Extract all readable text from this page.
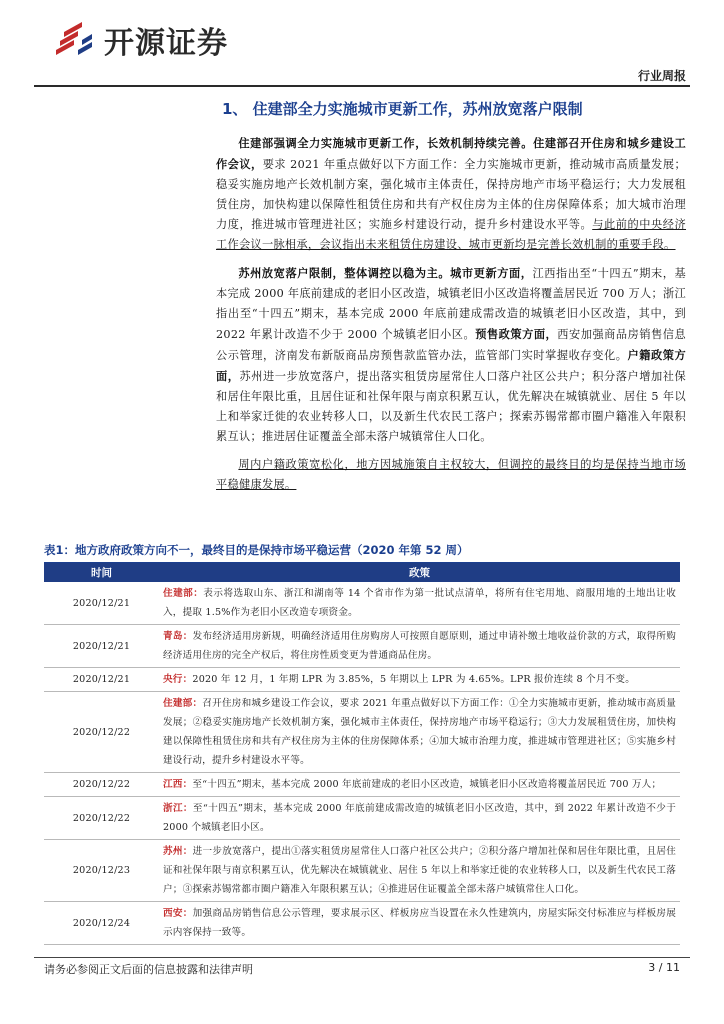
开源证券
行业周报
1、 住建部全力实施城市更新工作，苏州放宽落户限制

住建部强调全力实施城市更新工作，长效机制持续完善。住建部召开住房和城乡建设工作会议，要求 2021 年重点做好以下方面工作：全力实施城市更新，推动城市高质量发展；稳妥实施房地产长效机制方案，强化城市主体责任，保持房地产市场平稳运行；大力发展租赁住房，加快构建以保障性租赁住房和共有产权住房为主体的住房保障体系；加大城市治理力度，推进城市管理进社区；实施乡村建设行动，提升乡村建设水平等。与此前的中央经济工作会议一脉相承，会议指出未来租赁住房建设、城市更新均是完善长效机制的重要手段。

苏州放宽落户限制，整体调控以稳为主。城市更新方面，江西指出至“十四五”期末，基本完成 2000 年底前建成的老旧小区改造，城镇老旧小区改造将覆盖居民近 700 万人；浙江指出至“十四五”期末，基本完成 2000 年底前建成需改造的城镇老旧小区改造，其中，到 2022 年累计改造不少于 2000 个城镇老旧小区。预售政策方面，西安加强商品房销售信息公示管理，济南发布新版商品房预售款监管办法，监管部门实时掌握收存变化。户籍政策方面，苏州进一步放宽落户，提出落实租赁房屋常住人口落户社区公共户；积分落户增加社保和居住年限比重，且居住证和社保年限与南京积累互认，优先解决在城镇就业、居住 5 年以上和举家迁徙的农业转移人口，以及新生代农民工落户；探索苏锡常都市圈户籍准入年限积累互认；推进居住证覆盖全部未落户城镇常住人口化。

周内户籍政策宽松化，地方因城施策自主权较大，但调控的最终目的均是保持当地市场平稳健康发展。

表1：地方政府政策方向不一，最终目的是保持市场平稳运营（2020 年第 52 周）
时间	政策
2020/12/21	住建部：表示将选取山东、浙江和湖南等 14 个省市作为第一批试点清单，将所有住宅用地、商服用地的土地出让收入，提取 1.5%作为老旧小区改造专项资金。
2020/12/21	青岛：发布经济适用房新规，明确经济适用住房购房人可按照自愿原则，通过申请补缴土地收益价款的方式，取得所购经济适用住房的完全产权后，将住房性质变更为普通商品住房。
2020/12/21	央行：2020 年 12 月，1 年期 LPR 为 3.85%，5 年期以上 LPR 为 4.65%。LPR 报价连续 8 个月不变。
2020/12/22	住建部：召开住房和城乡建设工作会议，要求 2021 年重点做好以下方面工作：①全力实施城市更新，推动城市高质量发展；②稳妥实施房地产长效机制方案，强化城市主体责任，保持房地产市场平稳运行；③大力发展租赁住房，加快构建以保障性租赁住房和共有产权住房为主体的住房保障体系；④加大城市治理力度，推进城市管理进社区；⑤实施乡村建设行动，提升乡村建设水平等。
2020/12/22	江西：至“十四五”期末，基本完成 2000 年底前建成的老旧小区改造，城镇老旧小区改造将覆盖居民近 700 万人；
2020/12/22	浙江：至“十四五”期末，基本完成 2000 年底前建成需改造的城镇老旧小区改造，其中，到 2022 年累计改造不少于 2000 个城镇老旧小区。
2020/12/23	苏州：进一步放宽落户，提出①落实租赁房屋常住人口落户社区公共户；②积分落户增加社保和居住年限比重，且居住证和社保年限与南京积累互认，优先解决在城镇就业、居住 5 年以上和举家迁徙的农业转移人口，以及新生代农民工落户；③探索苏锡常都市圈户籍准入年限积累互认；④推进居住证覆盖全部未落户城镇常住人口化。
2020/12/24	西安：加强商品房销售信息公示管理，要求展示区、样板房应当设置在永久性建筑内，房屋实际交付标准应与样板房展示内容保持一致等。
请务必参阅正文后面的信息披露和法律声明	3 / 11
